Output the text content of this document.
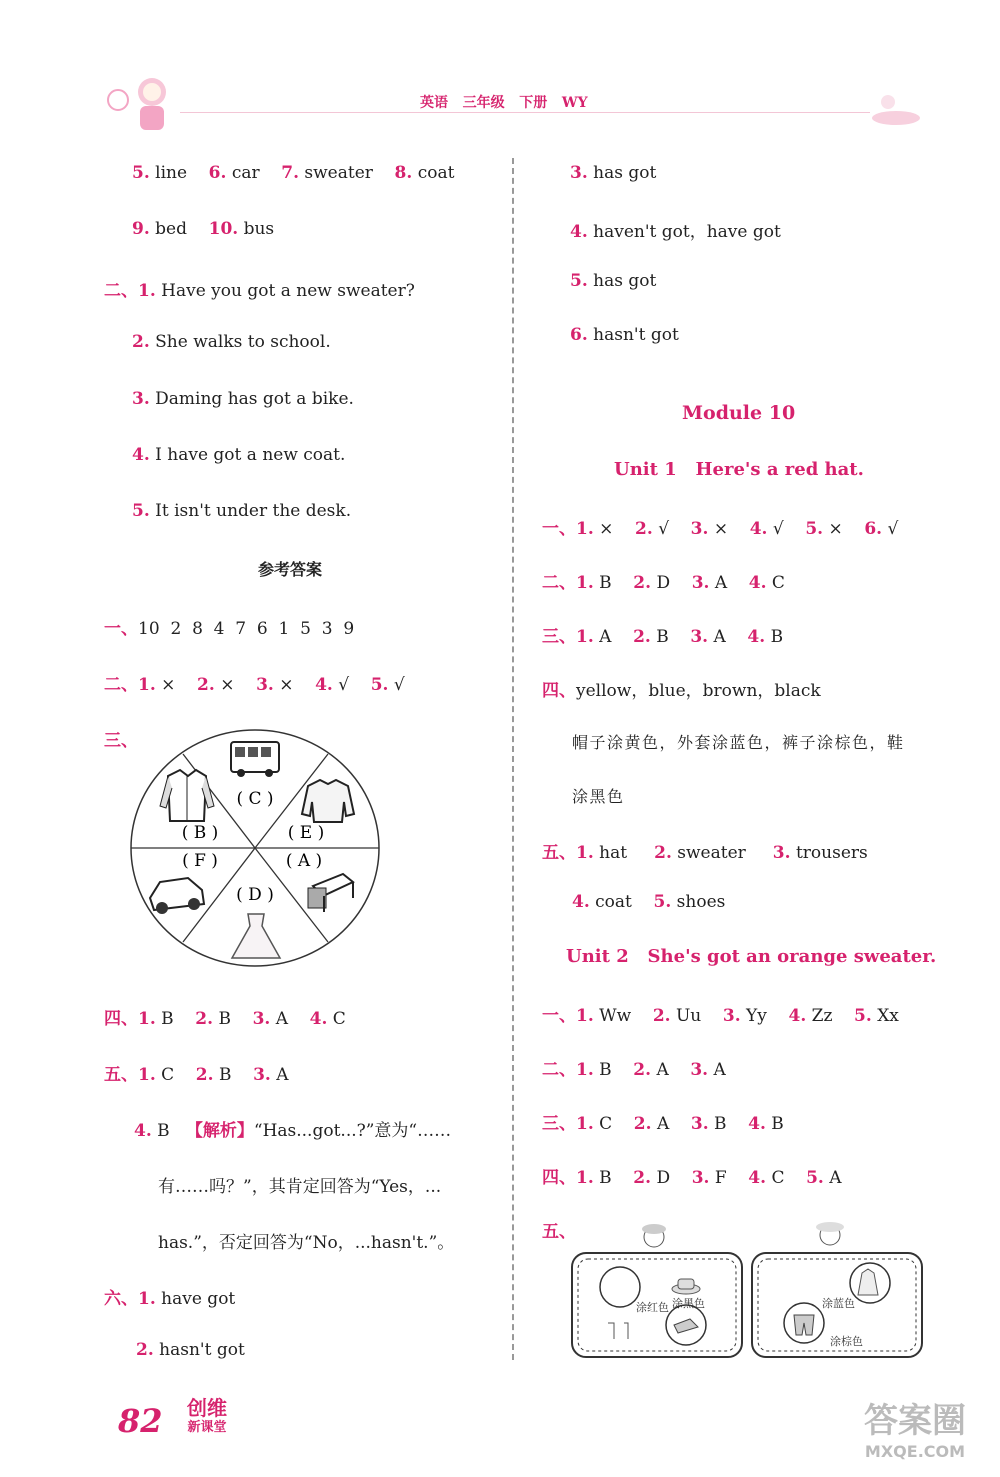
英语 三年级 下册 WY
5. line 6. car 7. sweater 8. coat
9. bed 10. bus
二、1. Have you got a new sweater?
2. She walks to school.
3. Daming has got a bike.
4. I have got a new coat.
5. It isn't under the desk.
参考答案
一、10  2  8  4  7  6  1  5  3  9
二、1. × 2. × 3. × 4. √ 5. √
三、
( C )
( E )
( A )
( D )
( F )
( B )
四、1. B 2. B 3. A 4. C
五、1. C 2. B 3. A
4. B 【解析】“Has...got...?”意为“……
有……吗？”，其肯定回答为“Yes，...
has.”，否定回答为“No，...hasn't.”。
六、1. have got
2. hasn't got
3. has got
4. haven't got，have got
5. has got
6. hasn't got
Module 10
Unit 1   Here's a red hat.
一、1. × 2. √ 3. × 4. √ 5. × 6. √
二、1. B 2. D 3. A 4. C
三、1. A 2. B 3. A 4. B
四、yellow，blue，brown，black
帽子涂黄色，外套涂蓝色，裤子涂棕色，鞋
涂黑色
五、1. hat 2. sweater 3. trousers
4. coat 5. shoes
Unit 2   She's got an orange sweater.
一、1. Ww 2. Uu 3. Yy 4. Zz 5. Xx
二、1. B 2. A 3. A
三、1. C 2. A 3. B 4. B
四、1. B 2. D 3. F 4. C 5. A
五、
涂红色 涂黑色	涂蓝色
涂棕色
82	创维
新课堂	答案圈
MXQE.COM
